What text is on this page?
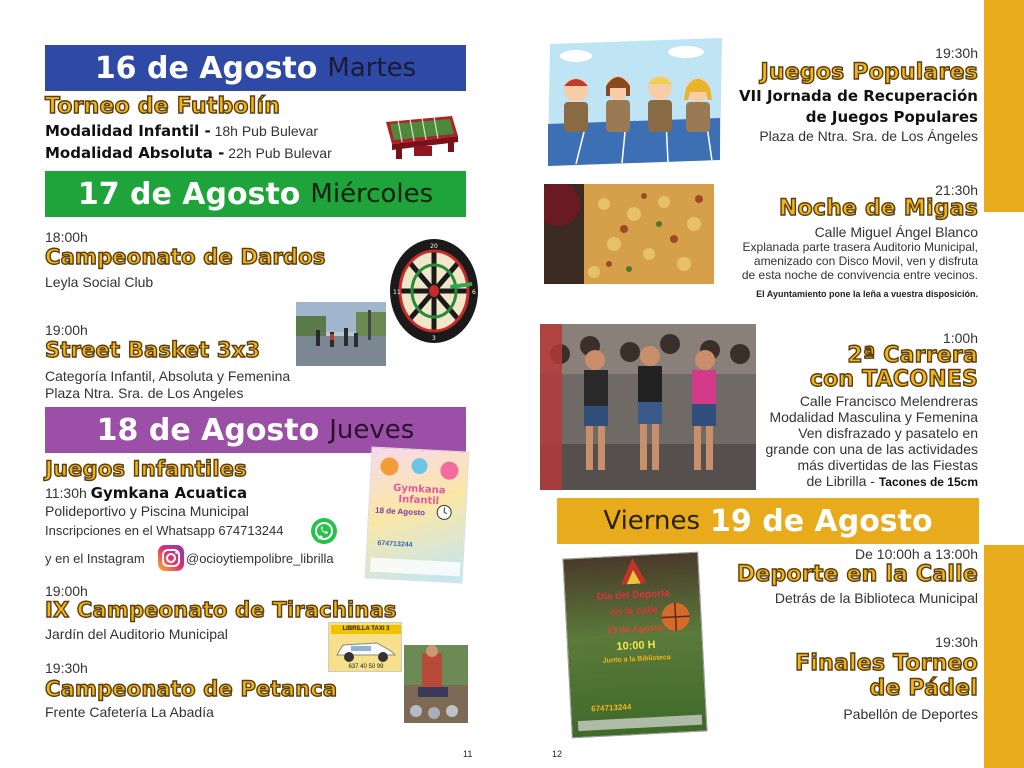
16 de Agosto Martes
Torneo de Futbolín
Modalidad Infantil - 18h Pub Bulevar
Modalidad Absoluta - 22h Pub Bulevar
17 de Agosto Miércoles
18:00h
Campeonato de Dardos
Leyla Social Club
20
11	6
3
19:00h
Street Basket 3x3
Categoría Infantil, Absoluta y Femenina
Plaza Ntra. Sra. de Los Angeles
18 de Agosto Jueves
Juegos Infantiles
11:30h Gymkana Acuatica
Polideportivo y Piscina Municipal
Inscripciones en el Whatsapp 674713244
y en el Instagram	@ocioytiempolibre_librilla
Gymkana Infantil
18 de Agosto
674713244
19:00h
IX Campeonato de Tirachinas
Jardín del Auditorio Municipal	LIBRILLA TAXI 3
637 40 50 99
19:30h
Campeonato de Petanca
Frente Cafetería La Abadía
11
19:30h
Juegos Populares
VII Jornada de Recuperación
de Juegos Populares
Plaza de Ntra. Sra. de Los Ángeles
21:30h
Noche de Migas
Calle Miguel Ángel Blanco
Explanada parte trasera Auditorio Municipal,
amenizado con Disco Movil, ven y disfruta
de esta noche de convivencia entre vecinos.
El Ayuntamiento pone la leña a vuestra disposición.
1:00h
2ª Carrera
con TACONES
Calle Francisco Melendreras
Modalidad Masculina y Femenina
Ven disfrazado y pasatelo en
grande con una de las actividades
más divertidas de las Fiestas
de Librilla - Tacones de 15cm
Viernes 19 de Agosto
Día del Deporte
en la calle
19 de Agosto
10:00 H
Junto a la Biblioteca
674713244
De 10:00h a 13:00h
Deporte en la Calle
Detrás de la Biblioteca Municipal
19:30h
Finales Torneo
de Pádel
Pabellón de Deportes
12
